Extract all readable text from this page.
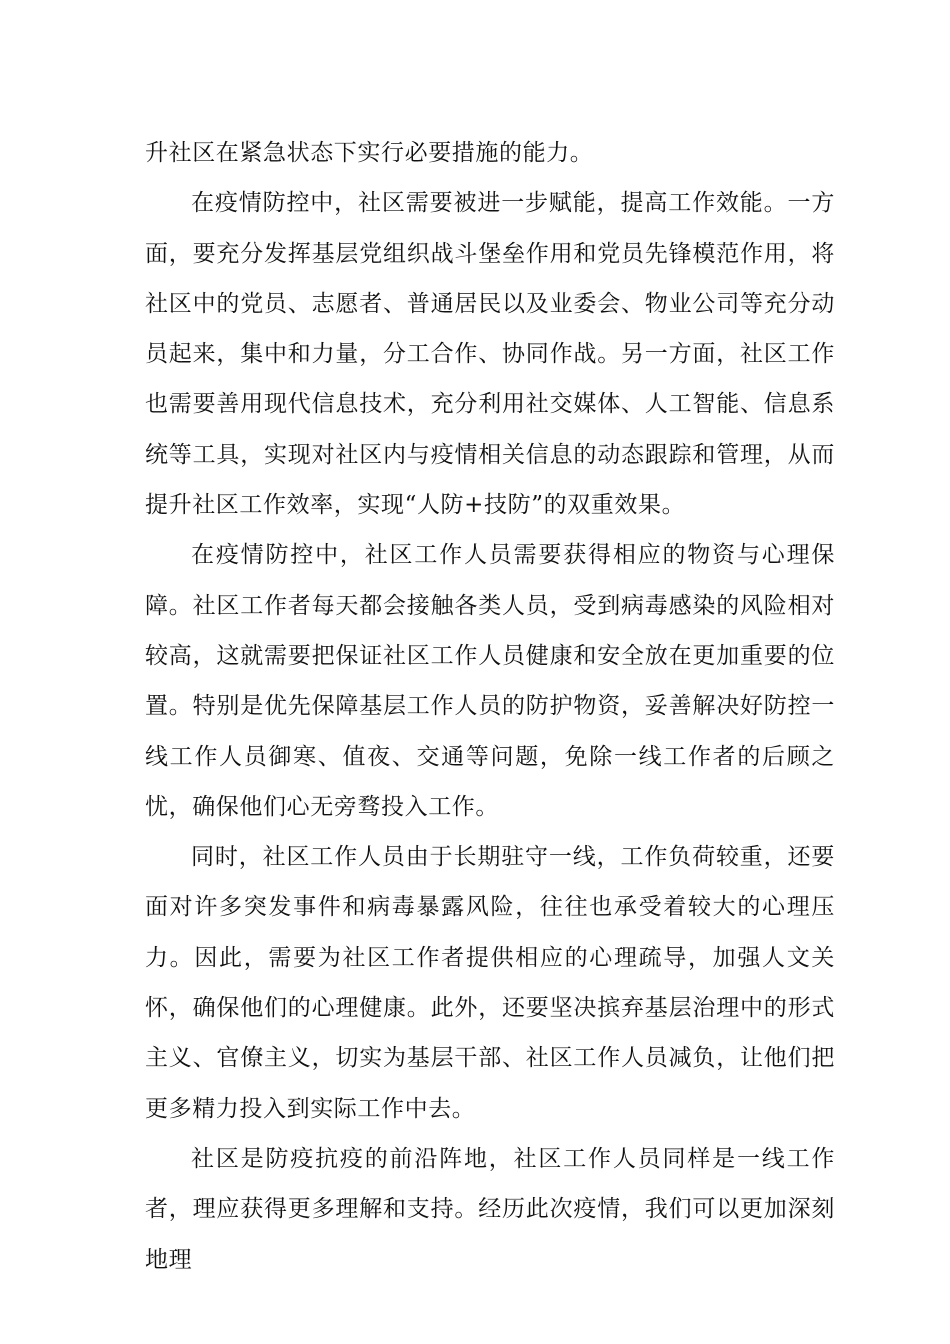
升社区在紧急状态下实行必要措施的能力。

在疫情防控中，社区需要被进一步赋能，提高工作效能。一方面，要充分发挥基层党组织战斗堡垒作用和党员先锋模范作用，将社区中的党员、志愿者、普通居民以及业委会、物业公司等充分动员起来，集中和力量，分工合作、协同作战。另一方面，社区工作也需要善用现代信息技术，充分利用社交媒体、人工智能、信息系统等工具，实现对社区内与疫情相关信息的动态跟踪和管理，从而提升社区工作效率，实现“人防+技防”的双重效果。

在疫情防控中，社区工作人员需要获得相应的物资与心理保障。社区工作者每天都会接触各类人员，受到病毒感染的风险相对较高，这就需要把保证社区工作人员健康和安全放在更加重要的位置。特别是优先保障基层工作人员的防护物资，妥善解决好防控一线工作人员御寒、值夜、交通等问题，免除一线工作者的后顾之忧，确保他们心无旁骛投入工作。

同时，社区工作人员由于长期驻守一线，工作负荷较重，还要面对许多突发事件和病毒暴露风险，往往也承受着较大的心理压力。因此，需要为社区工作者提供相应的心理疏导，加强人文关怀，确保他们的心理健康。此外，还要坚决摈弃基层治理中的形式主义、官僚主义，切实为基层干部、社区工作人员减负，让他们把更多精力投入到实际工作中去。

社区是防疫抗疫的前沿阵地，社区工作人员同样是一线工作者，理应获得更多理解和支持。经历此次疫情，我们可以更加深刻地理
